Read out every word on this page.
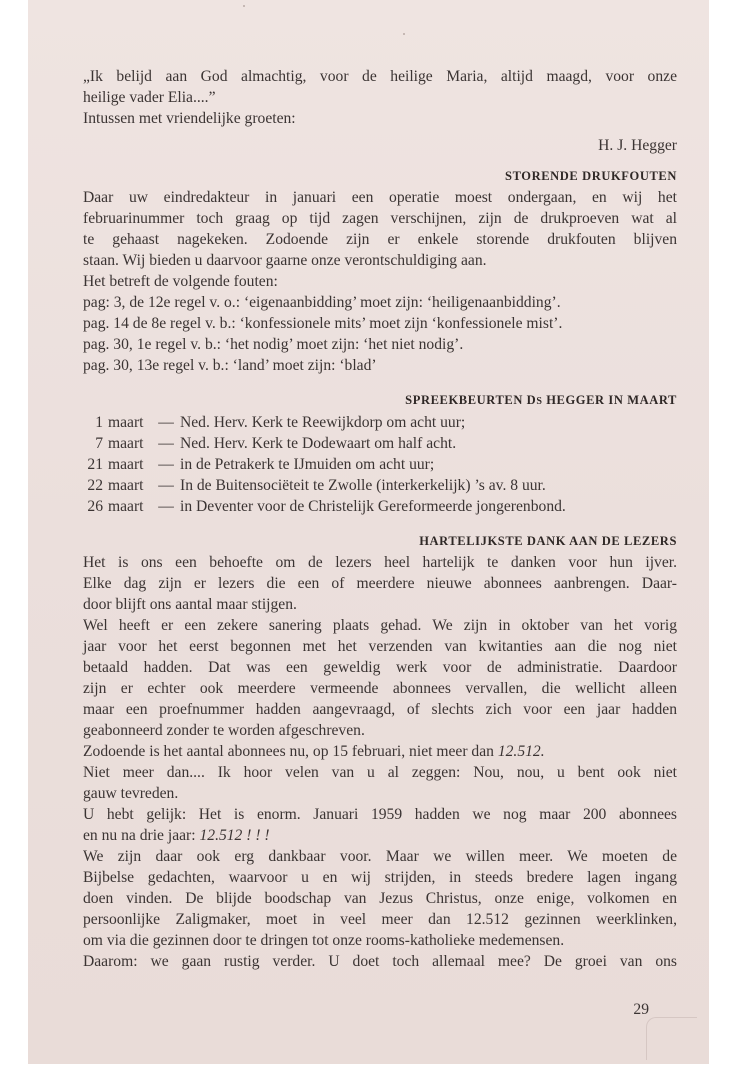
„Ik belijd aan God almachtig, voor de heilige Maria, altijd maagd, voor onze
heilige vader Elia....”
Intussen met vriendelijke groeten:
H. J. Hegger
STORENDE DRUKFOUTEN
Daar uw eindredakteur in januari een operatie moest ondergaan, en wij het
februarinummer toch graag op tijd zagen verschijnen, zijn de drukproeven wat al
te gehaast nagekeken. Zodoende zijn er enkele storende drukfouten blijven
staan. Wij bieden u daarvoor gaarne onze verontschuldiging aan.
Het betreft de volgende fouten:
pag: 3, de 12e regel v. o.: ‘eigenaanbidding’ moet zijn: ‘heiligenaanbidding’.
pag. 14 de 8e regel v. b.: ‘konfessionele mits’ moet zijn ‘konfessionele mist’.
pag. 30, 1e regel v. b.: ‘het nodig’ moet zijn: ‘het niet nodig’.
pag. 30, 13e regel v. b.: ‘land’ moet zijn: ‘blad’
SPREEKBEURTEN DS HEGGER IN MAART
1 maart — Ned. Herv. Kerk te Reewijkdorp om acht uur;
7 maart — Ned. Herv. Kerk te Dodewaart om half acht.
21 maart — in de Petrakerk te IJmuiden om acht uur;
22 maart — In de Buitensociëteit te Zwolle (interkerkelijk) ’s av. 8 uur.
26 maart — in Deventer voor de Christelijk Gereformeerde jongerenbond.
HARTELIJKSTE DANK AAN DE LEZERS
Het is ons een behoefte om de lezers heel hartelijk te danken voor hun ijver.
Elke dag zijn er lezers die een of meerdere nieuwe abonnees aanbrengen. Daar-
door blijft ons aantal maar stijgen.
Wel heeft er een zekere sanering plaats gehad. We zijn in oktober van het vorig
jaar voor het eerst begonnen met het verzenden van kwitanties aan die nog niet
betaald hadden. Dat was een geweldig werk voor de administratie. Daardoor
zijn er echter ook meerdere vermeende abonnees vervallen, die wellicht alleen
maar een proefnummer hadden aangevraagd, of slechts zich voor een jaar hadden
geabonneerd zonder te worden afgeschreven.
Zodoende is het aantal abonnees nu, op 15 februari, niet meer dan 12.512.
Niet meer dan.... Ik hoor velen van u al zeggen: Nou, nou, u bent ook niet
gauw tevreden.
U hebt gelijk: Het is enorm. Januari 1959 hadden we nog maar 200 abonnees
en nu na drie jaar: 12.512 ! ! !
We zijn daar ook erg dankbaar voor. Maar we willen meer. We moeten de
Bijbelse gedachten, waarvoor u en wij strijden, in steeds bredere lagen ingang
doen vinden. De blijde boodschap van Jezus Christus, onze enige, volkomen en
persoonlijke Zaligmaker, moet in veel meer dan 12.512 gezinnen weerklinken,
om via die gezinnen door te dringen tot onze rooms-katholieke medemensen.
Daarom: we gaan rustig verder. U doet toch allemaal mee? De groei van ons
29
